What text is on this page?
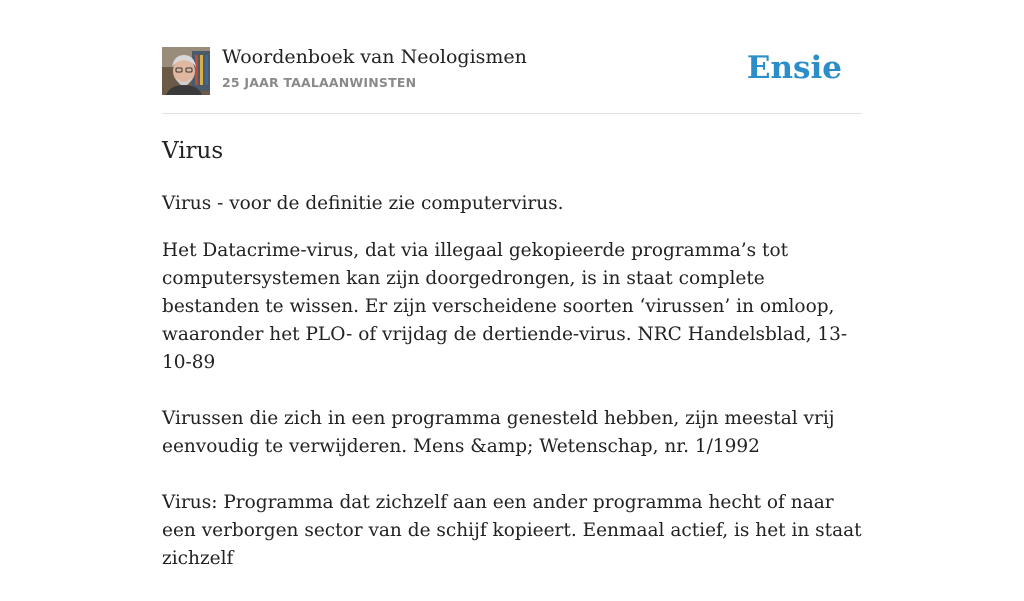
Woordenboek van Neologismen
25 JAAR TAALAANWINSTEN	Ensie
Virus

Virus - voor de definitie zie computervirus.

Het Datacrime-virus, dat via illegaal gekopieerde programma’s tot computersystemen kan zijn doorgedrongen, is in staat complete bestanden te wissen. Er zijn verscheidene soorten ‘virussen’ in omloop, waaronder het PLO- of vrijdag de dertiende-virus. NRC Handelsblad, 13-10-89

Virussen die zich in een programma genesteld hebben, zijn meestal vrij eenvoudig te verwijderen. Mens &amp; Wetenschap, nr. 1/1992

Virus: Programma dat zichzelf aan een ander programma hecht of naar een verborgen sector van de schijf kopieert. Eenmaal actief, is het in staat zichzelf
